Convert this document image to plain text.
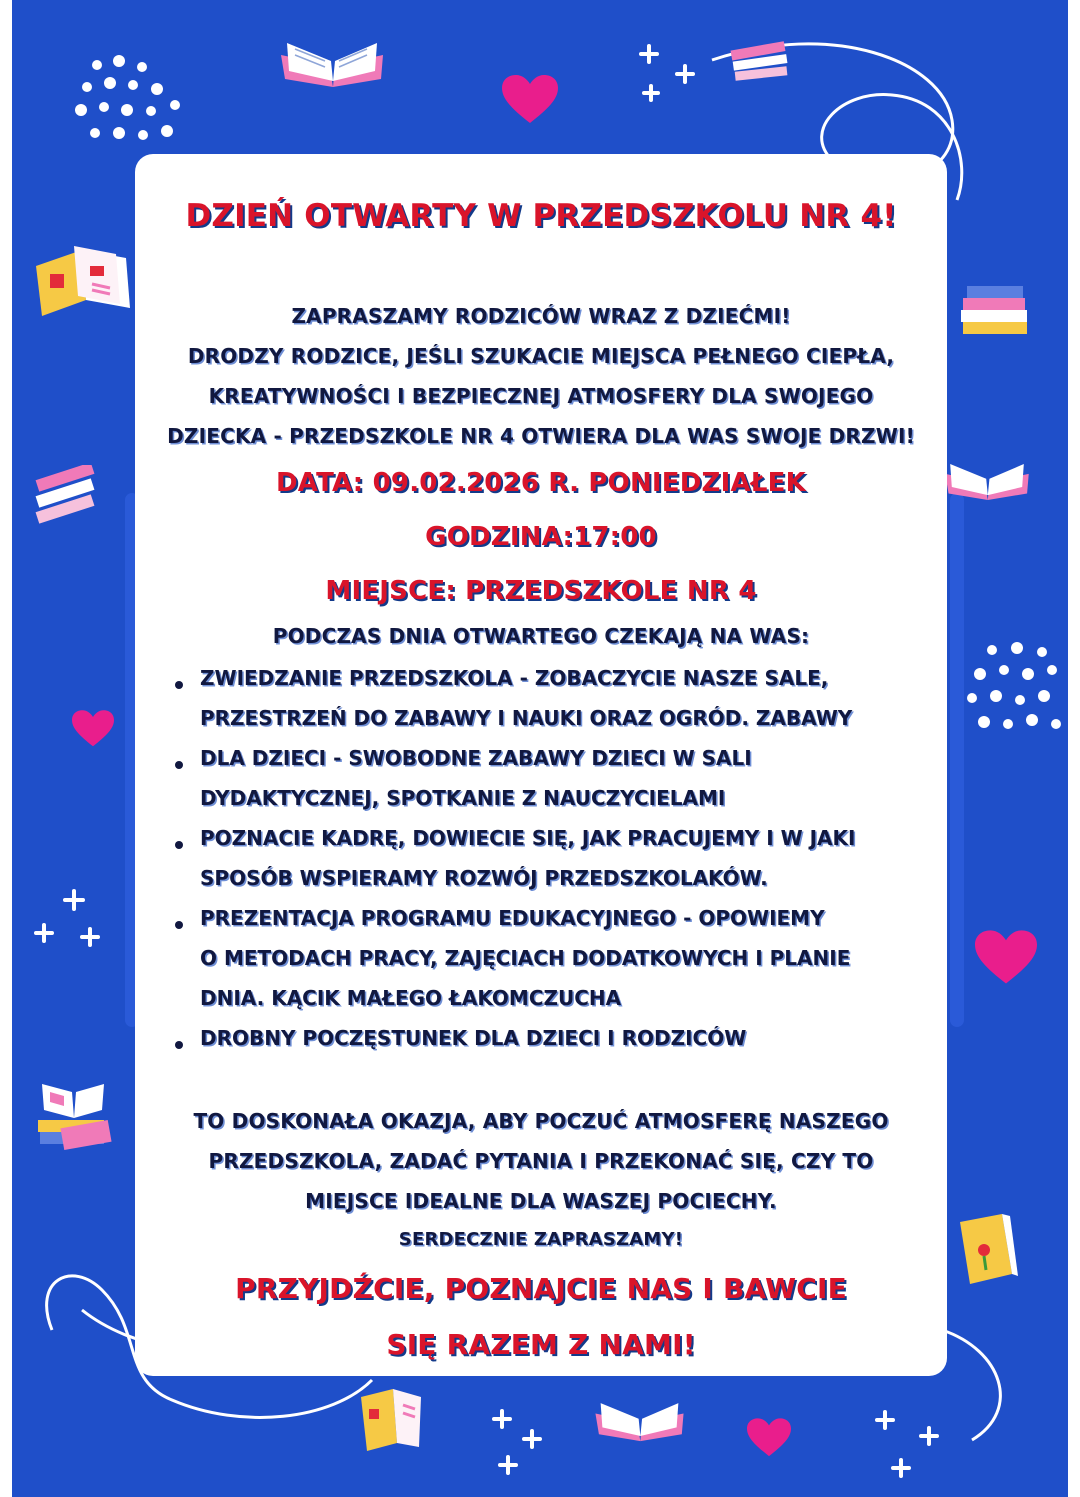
DZIEŃ OTWARTY W PRZEDSZKOLU NR 4!
ZAPRASZAMY RODZICÓW WRAZ Z DZIEĆMI!
DRODZY RODZICE, JEŚLI SZUKACIE MIEJSCA PEŁNEGO CIEPŁA,
KREATYWNOŚCI I BEZPIECZNEJ ATMOSFERY DLA SWOJEGO
DZIECKA - PRZEDSZKOLE NR 4 OTWIERA DLA WAS SWOJE DRZWI!
DATA: 09.02.2026 R. PONIEDZIAŁEK
GODZINA:17:00
MIEJSCE: PRZEDSZKOLE NR 4
PODCZAS DNIA OTWARTEGO CZEKAJĄ NA WAS:
ZWIEDZANIE PRZEDSZKOLA - ZOBACZYCIE NASZE SALE,
PRZESTRZEŃ DO ZABAWY I NAUKI ORAZ OGRÓD. ZABAWY
DLA DZIECI - SWOBODNE ZABAWY DZIECI W SALI
DYDAKTYCZNEJ, SPOTKANIE Z NAUCZYCIELAMI
POZNACIE KADRĘ, DOWIECIE SIĘ, JAK PRACUJEMY I W JAKI
SPOSÓB WSPIERAMY ROZWÓJ PRZEDSZKOLAKÓW.
PREZENTACJA PROGRAMU EDUKACYJNEGO - OPOWIEMY
O METODACH PRACY, ZAJĘCIACH DODATKOWYCH I PLANIE
DNIA. KĄCIK MAŁEGO ŁAKOMCZUCHA
DROBNY POCZĘSTUNEK DLA DZIECI I RODZICÓW
TO DOSKONAŁA OKAZJA, ABY POCZUĆ ATMOSFERĘ NASZEGO
PRZEDSZKOLA, ZADAĆ PYTANIA I PRZEKONAĆ SIĘ, CZY TO
MIEJSCE IDEALNE DLA WASZEJ POCIECHY.
SERDECZNIE ZAPRASZAMY!
PRZYJDŹCIE, POZNAJCIE NAS I BAWCIE
SIĘ RAZEM Z NAMI!
